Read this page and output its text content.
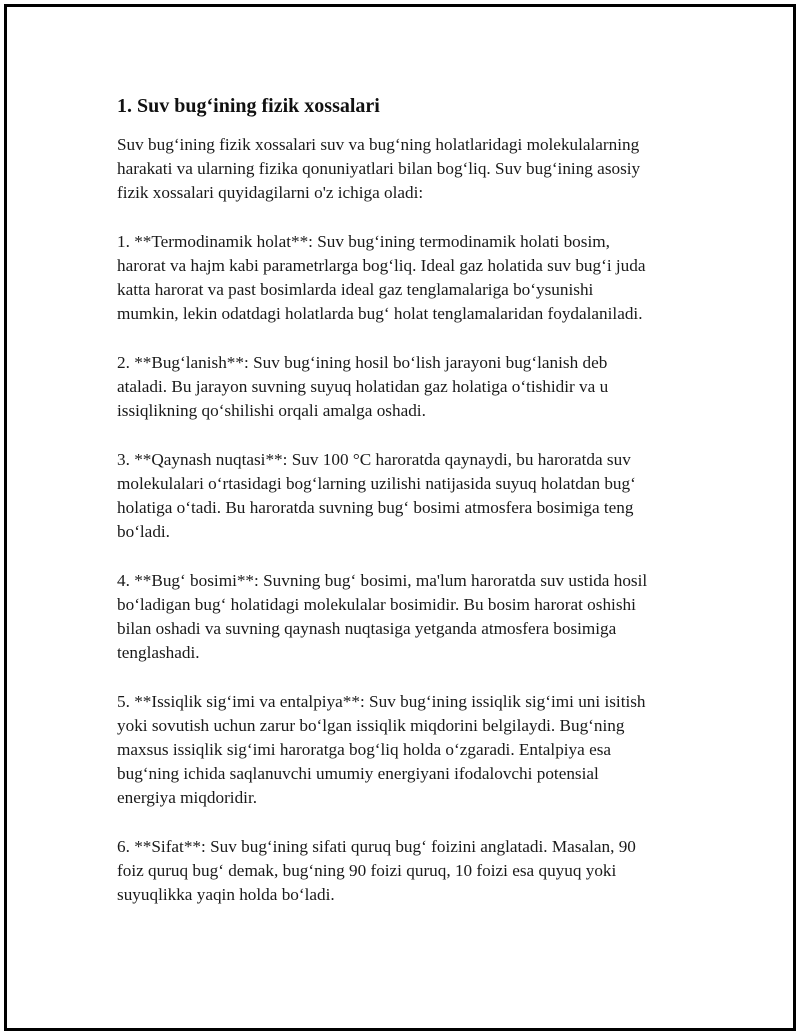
1. Suv bug‘ining fizik xossalari

Suv bug‘ining fizik xossalari suv va bug‘ning holatlaridagi molekulalarning
harakati va ularning fizika qonuniyatlari bilan bog‘liq. Suv bug‘ining asosiy
fizik xossalari quyidagilarni o'z ichiga oladi:

1. **Termodinamik holat**: Suv bug‘ining termodinamik holati bosim,
harorat va hajm kabi parametrlarga bog‘liq. Ideal gaz holatida suv bug‘i juda
katta harorat va past bosimlarda ideal gaz tenglamalariga bo‘ysunishi
mumkin, lekin odatdagi holatlarda bug‘ holat tenglamalaridan foydalaniladi.

2. **Bug‘lanish**: Suv bug‘ining hosil bo‘lish jarayoni bug‘lanish deb
ataladi. Bu jarayon suvning suyuq holatidan gaz holatiga o‘tishidir va u
issiqlikning qo‘shilishi orqali amalga oshadi.

3. **Qaynash nuqtasi**: Suv 100 °C haroratda qaynaydi, bu haroratda suv
molekulalari o‘rtasidagi bog‘larning uzilishi natijasida suyuq holatdan bug‘
holatiga o‘tadi. Bu haroratda suvning bug‘ bosimi atmosfera bosimiga teng
bo‘ladi.

4. **Bug‘ bosimi**: Suvning bug‘ bosimi, ma'lum haroratda suv ustida hosil
bo‘ladigan bug‘ holatidagi molekulalar bosimidir. Bu bosim harorat oshishi
bilan oshadi va suvning qaynash nuqtasiga yetganda atmosfera bosimiga
tenglashadi.

5. **Issiqlik sig‘imi va entalpiya**: Suv bug‘ining issiqlik sig‘imi uni isitish
yoki sovutish uchun zarur bo‘lgan issiqlik miqdorini belgilaydi. Bug‘ning
maxsus issiqlik sig‘imi haroratga bog‘liq holda o‘zgaradi. Entalpiya esa
bug‘ning ichida saqlanuvchi umumiy energiyani ifodalovchi potensial
energiya miqdoridir.

6. **Sifat**: Suv bug‘ining sifati quruq bug‘ foizini anglatadi. Masalan, 90
foiz quruq bug‘ demak, bug‘ning 90 foizi quruq, 10 foizi esa quyuq yoki
suyuqlikka yaqin holda bo‘ladi.
